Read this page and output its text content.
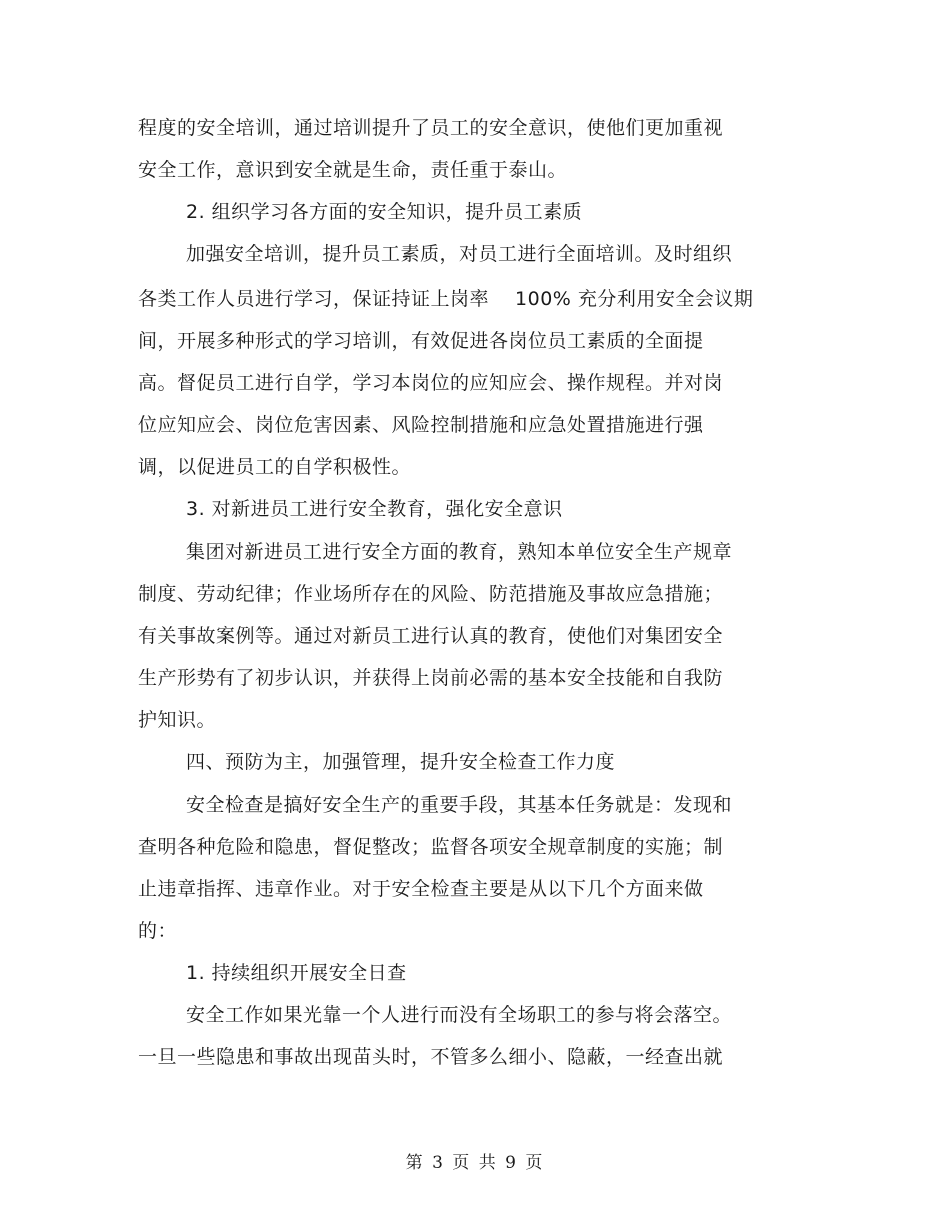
程度的安全培训，通过培训提升了员工的安全意识，使他们更加重视
安全工作，意识到安全就是生命，责任重于泰山。
2. 组织学习各方面的安全知识，提升员工素质
加强安全培训，提升员工素质，对员工进行全面培训。及时组织
各类工作人员进行学习，保证持证上岗率　 100% 充分利用安全会议期
间，开展多种形式的学习培训，有效促进各岗位员工素质的全面提
高。督促员工进行自学，学习本岗位的应知应会、操作规程。并对岗
位应知应会、岗位危害因素、风险控制措施和应急处置措施进行强
调，以促进员工的自学积极性。
3. 对新进员工进行安全教育，强化安全意识
集团对新进员工进行安全方面的教育，熟知本单位安全生产规章
制度、劳动纪律；作业场所存在的风险、防范措施及事故应急措施；
有关事故案例等。通过对新员工进行认真的教育，使他们对集团安全
生产形势有了初步认识，并获得上岗前必需的基本安全技能和自我防
护知识。
四、预防为主，加强管理，提升安全检查工作力度
安全检查是搞好安全生产的重要手段，其基本任务就是：发现和
查明各种危险和隐患，督促整改；监督各项安全规章制度的实施；制
止违章指挥、违章作业。对于安全检查主要是从以下几个方面来做
的：
1. 持续组织开展安全日查
安全工作如果光靠一个人进行而没有全场职工的参与将会落空。
一旦一些隐患和事故出现苗头时，不管多么细小、隐蔽，一经查出就
第 3 页 共 9 页
